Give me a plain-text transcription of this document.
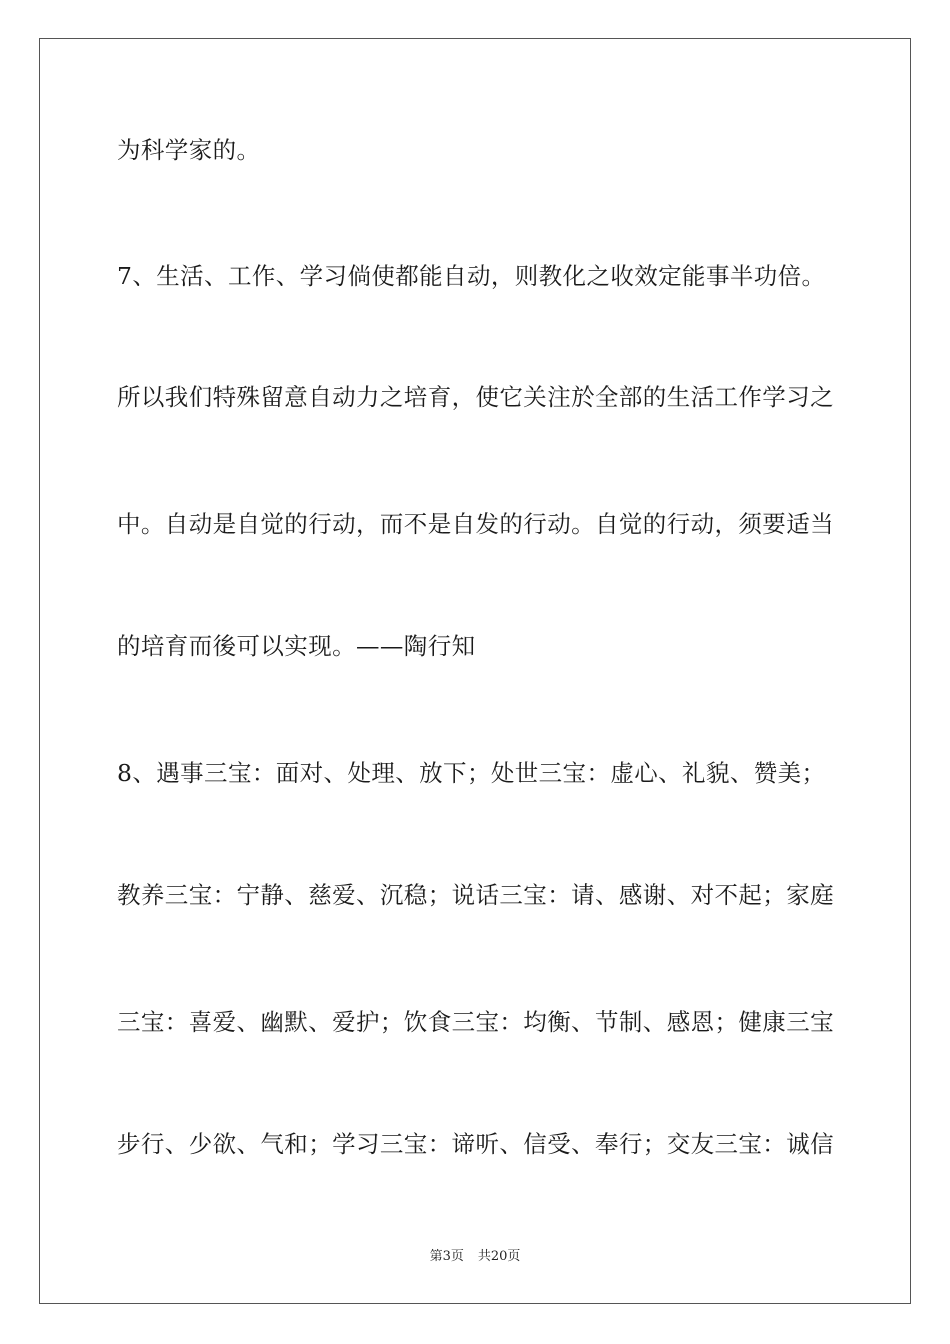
为科学家的。
7、生活、工作、学习倘使都能自动，则教化之收效定能事半功倍。
所以我们特殊留意自动力之培育，使它关注於全部的生活工作学习之
中。自动是自觉的行动，而不是自发的行动。自觉的行动，须要适当
的培育而後可以实现。——陶行知
8、遇事三宝：面对、处理、放下；处世三宝：虚心、礼貌、赞美；
教养三宝：宁静、慈爱、沉稳；说话三宝：请、感谢、对不起；家庭
三宝：喜爱、幽默、爱护；饮食三宝：均衡、节制、感恩；健康三宝
步行、少欲、气和；学习三宝：谛听、信受、奉行；交友三宝：诚信
第3页 共20页
